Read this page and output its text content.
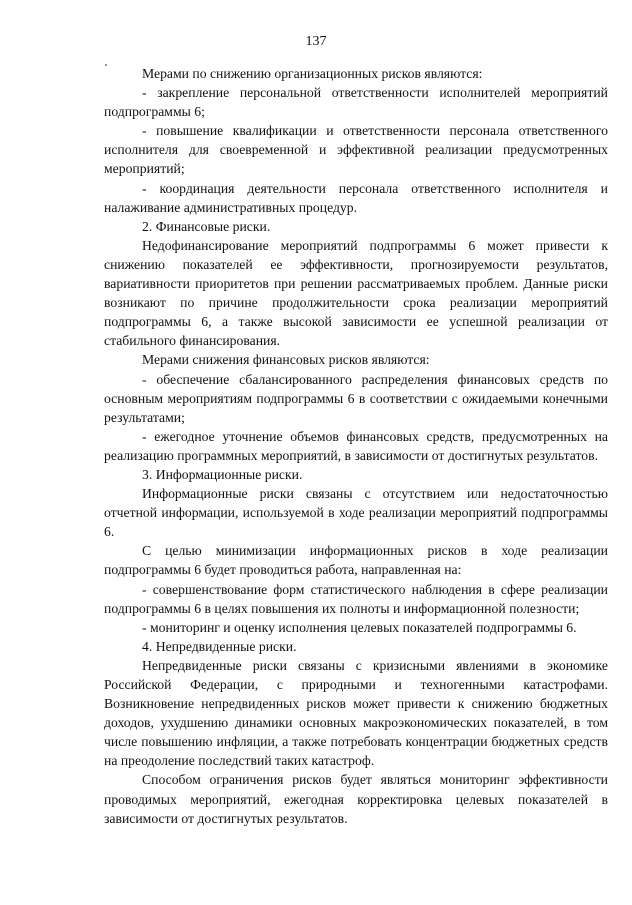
137

Мерами по снижению организационных рисков являются:

- закрепление персональной ответственности исполнителей мероприятий подпрограммы 6;

- повышение квалификации и ответственности персонала ответственного исполнителя для своевременной и эффективной реализации предусмотренных мероприятий;

- координация деятельности персонала ответственного исполнителя и налаживание административных процедур.

2. Финансовые риски.

Недофинансирование мероприятий подпрограммы 6 может привести к снижению показателей ее эффективности, прогнозируемости результатов, вариативности приоритетов при решении рассматриваемых проблем. Данные риски возникают по причине продолжительности срока реализации мероприятий подпрограммы 6, а также высокой зависимости ее успешной реализации от стабильного финансирования.

Мерами снижения финансовых рисков являются:

- обеспечение сбалансированного распределения финансовых средств по основным мероприятиям подпрограммы 6 в соответствии с ожидаемыми конечными результатами;

- ежегодное уточнение объемов финансовых средств, предусмотренных на реализацию программных мероприятий, в зависимости от достигнутых результатов.

3. Информационные риски.

Информационные риски связаны с отсутствием или недостаточностью отчетной информации, используемой в ходе реализации мероприятий подпрограммы 6.

С целью минимизации информационных рисков в ходе реализации подпрограммы 6 будет проводиться работа, направленная на:

- совершенствование форм статистического наблюдения в сфере реализации подпрограммы 6 в целях повышения их полноты и информационной полезности;

- мониторинг и оценку исполнения целевых показателей подпрограммы 6.

4. Непредвиденные риски.

Непредвиденные риски связаны с кризисными явлениями в экономике Российской Федерации, с природными и техногенными катастрофами. Возникновение непредвиденных рисков может привести к снижению бюджетных доходов, ухудшению динамики основных макроэкономических показателей, в том числе повышению инфляции, а также потребовать концентрации бюджетных средств на преодоление последствий таких катастроф.

Способом ограничения рисков будет являться мониторинг эффективности проводимых мероприятий, ежегодная корректировка целевых показателей в зависимости от достигнутых результатов.
